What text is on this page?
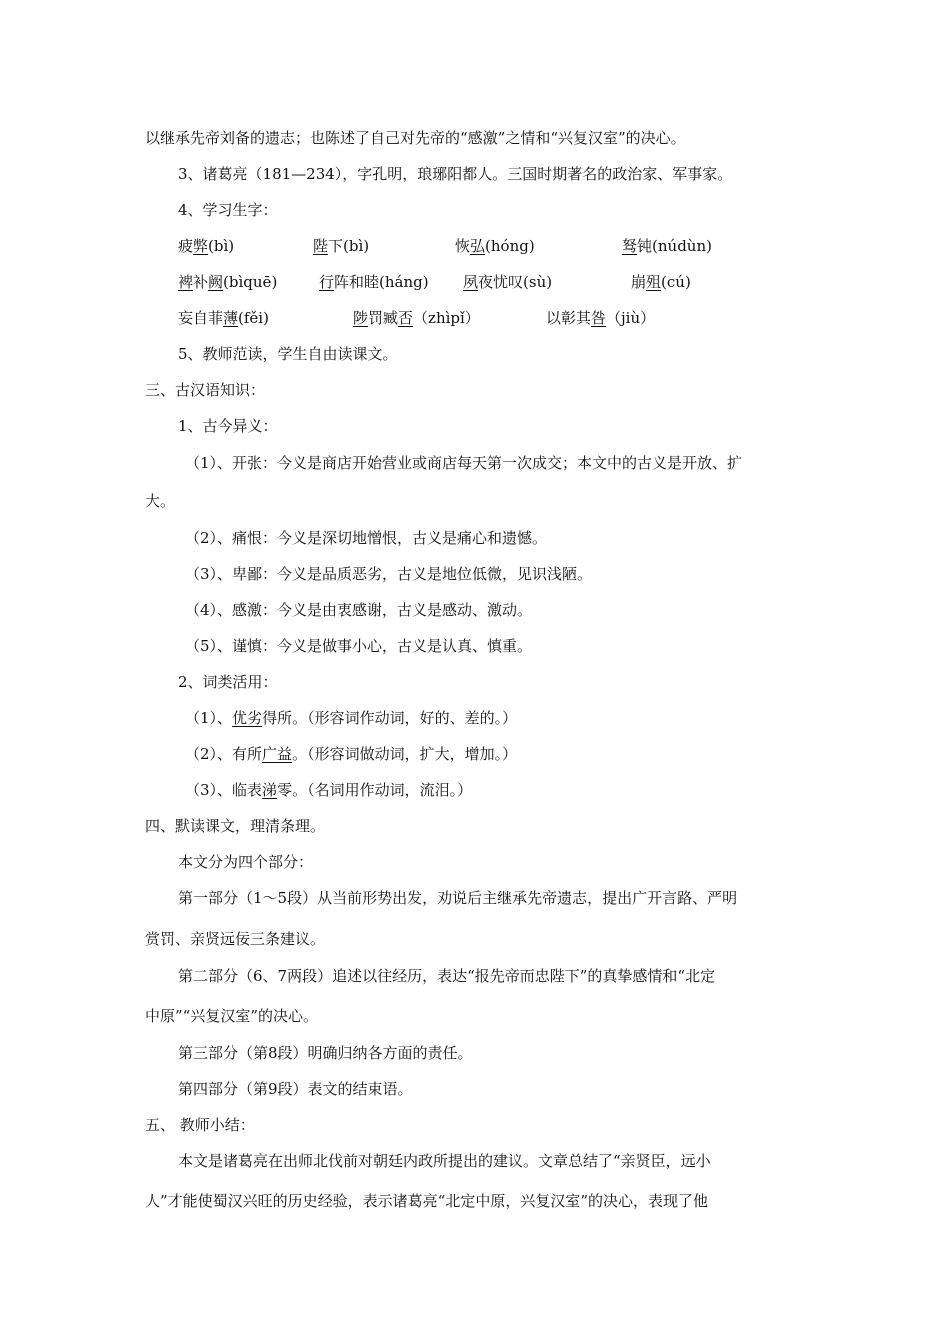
以继承先帝刘备的遗志；也陈述了自己对先帝的“感激”之情和“兴复汉室”的决心。
3、诸葛亮（181—234），字孔明，琅琊阳都人。三国时期著名的政治家、军事家。
4、学习生字：
疲弊(bì)	陛下(bì)	恢弘(hóng)	驽钝(núdùn)
裨补阙(bìquē)	行阵和睦(háng) 夙夜忧叹(sù)	崩殂(cú)
妄自菲薄(fěi)	陟罚臧否（zhìpǐ）	以彰其咎（jiù）
5、教师范读，学生自由读课文。
三、古汉语知识：
1、古今异义：
（1）、开张：今义是商店开始营业或商店每天第一次成交；本文中的古义是开放、扩
大。
（2）、痛恨：今义是深切地憎恨，古义是痛心和遗憾。
（3）、卑鄙：今义是品质恶劣，古义是地位低微，见识浅陋。
（4）、感激：今义是由衷感谢，古义是感动、激动。
（5）、谨慎：今义是做事小心，古义是认真、慎重。
2、词类活用：
（1）、优劣得所。（形容词作动词，好的、差的。）
（2）、有所广益。（形容词做动词，扩大，增加。）
（3）、临表涕零。（名词用作动词，流泪。）
四、默读课文，理清条理。
本文分为四个部分：
第一部分（1～5段）从当前形势出发，劝说后主继承先帝遗志，提出广开言路、严明
赏罚、亲贤远佞三条建议。
第二部分（6、7两段）追述以往经历，表达“报先帝而忠陛下”的真挚感情和“北定
中原”“兴复汉室”的决心。
第三部分（第8段）明确归纳各方面的责任。
第四部分（第9段）表文的结束语。
五、 教师小结：
本文是诸葛亮在出师北伐前对朝廷内政所提出的建议。文章总结了“亲贤臣，远小
人”才能使蜀汉兴旺的历史经验，表示诸葛亮“北定中原，兴复汉室”的决心，表现了他
